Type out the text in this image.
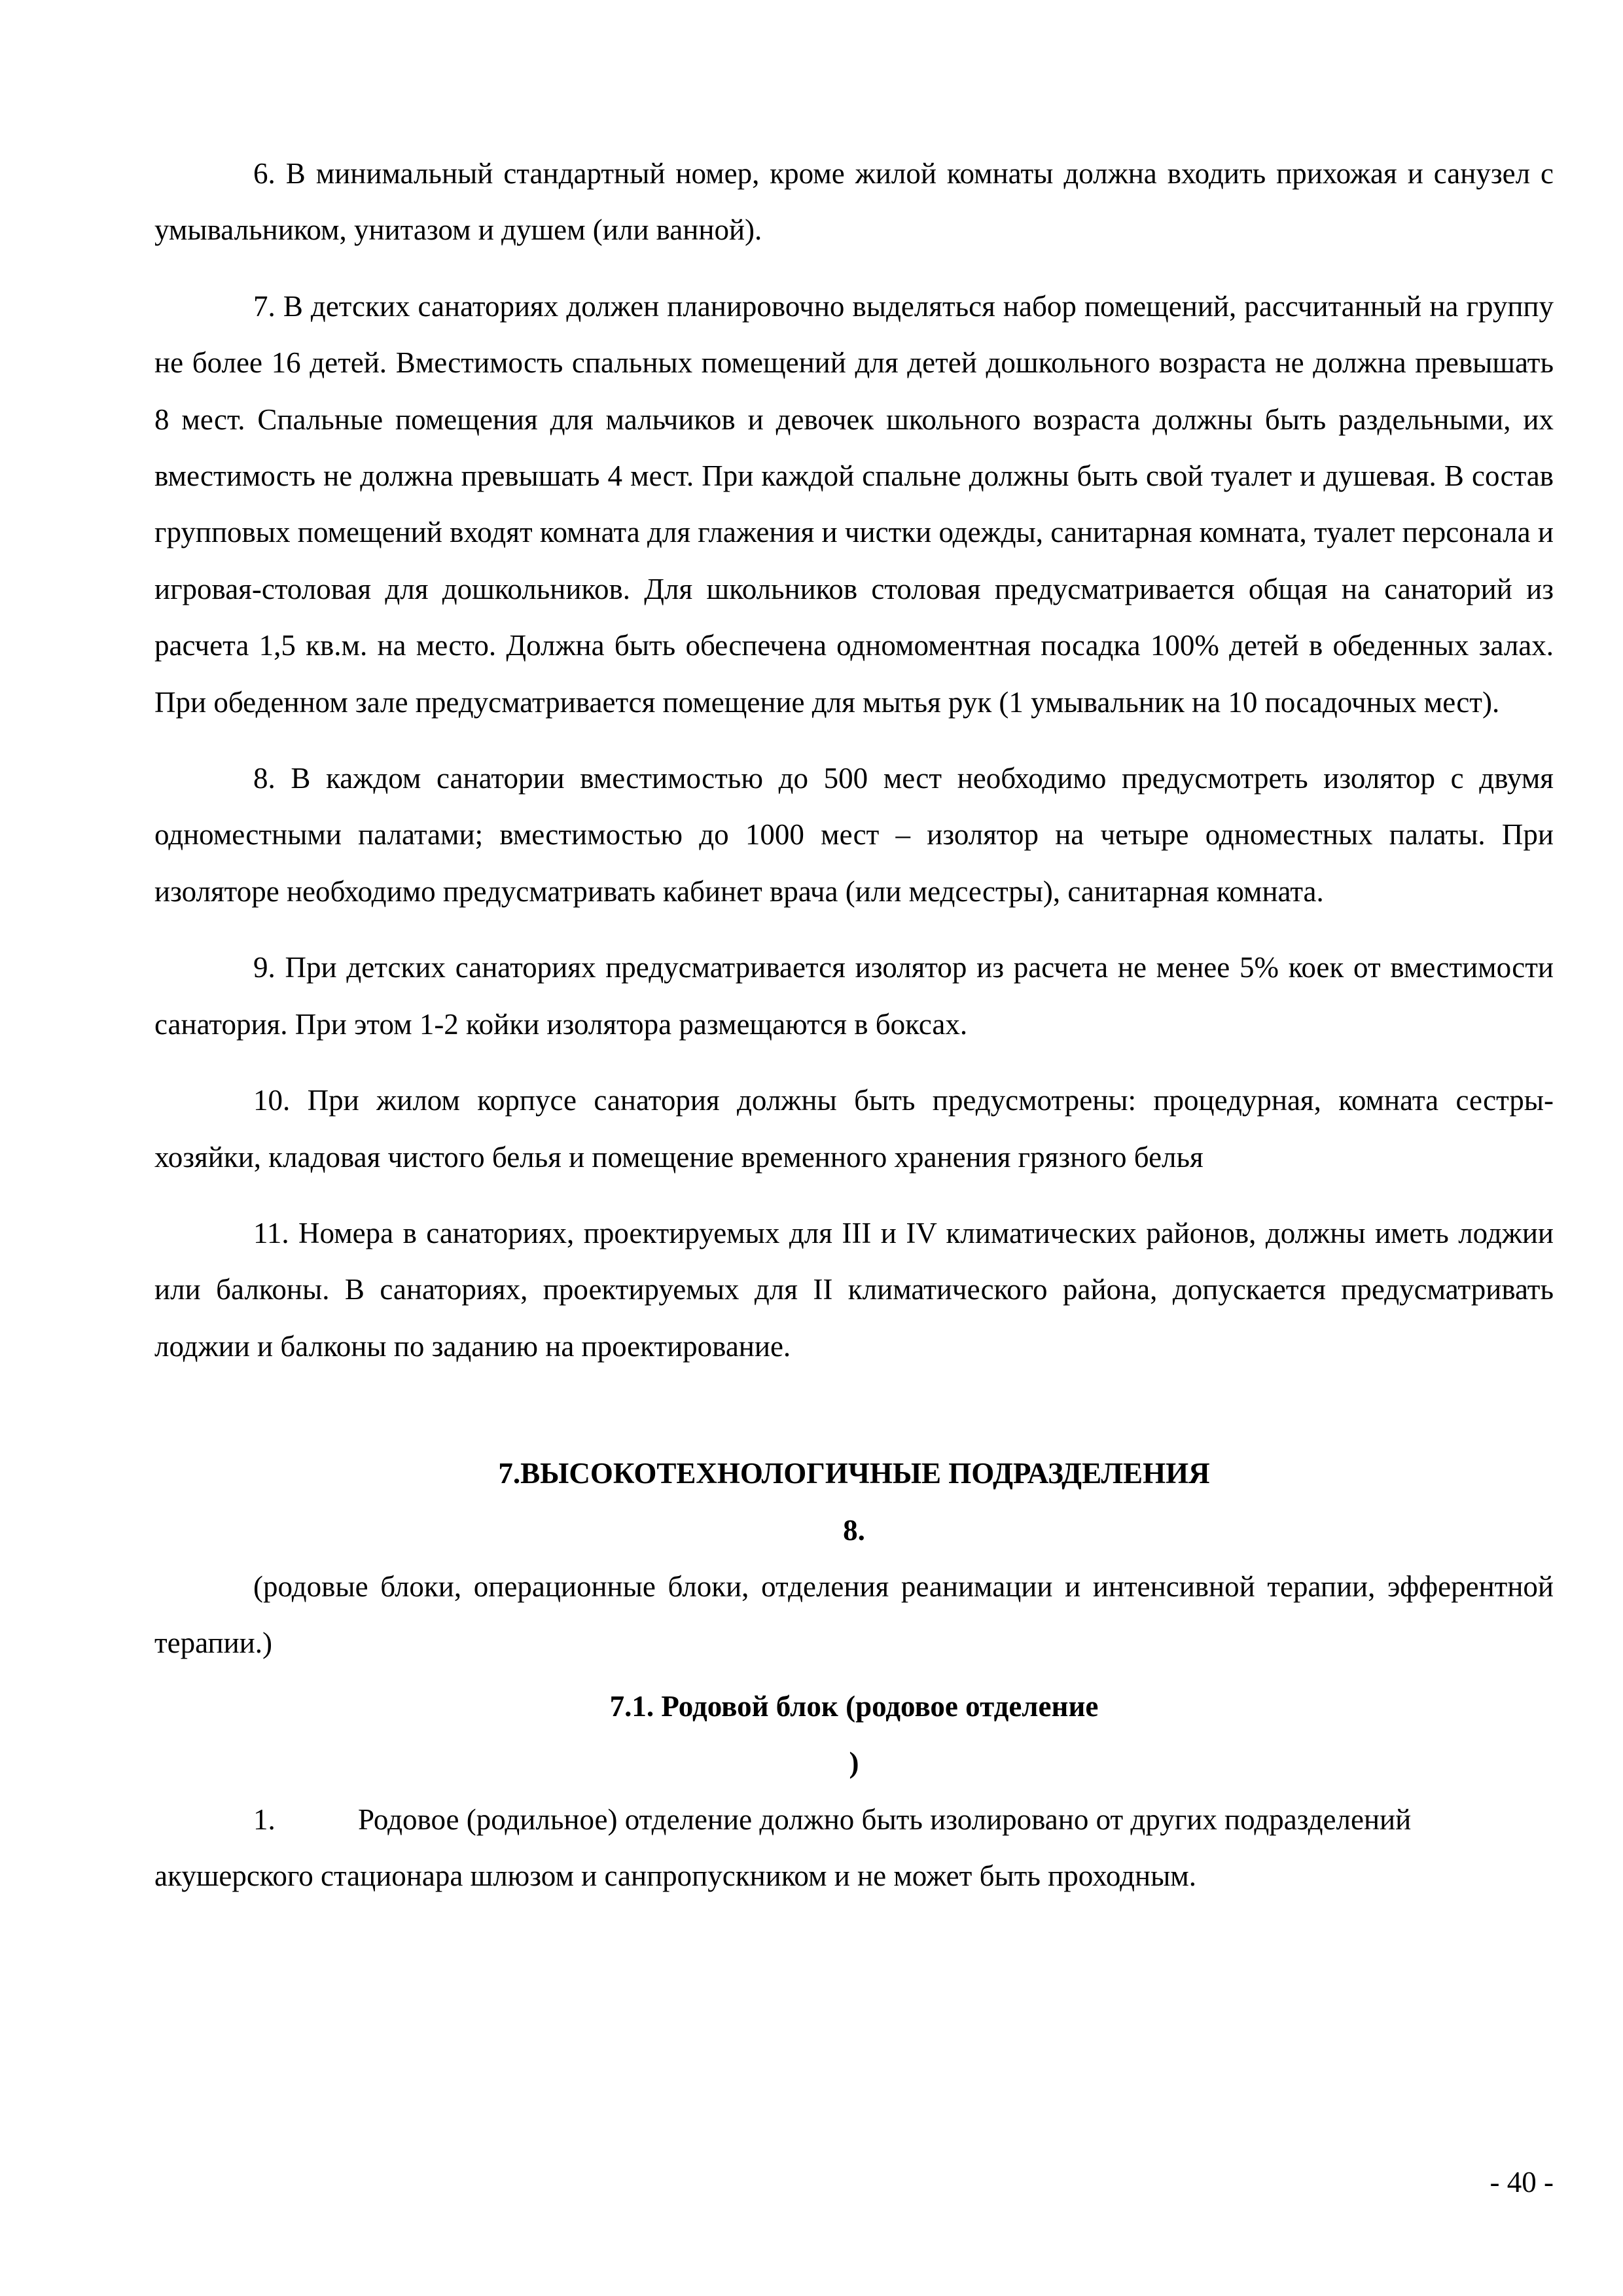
6. В минимальный стандартный номер, кроме жилой комнаты должна входить прихожая и санузел с умывальником, унитазом и душем (или ванной).

7. В детских санаториях должен планировочно выделяться набор помещений, рассчитанный на группу не более 16 детей. Вместимость спальных помещений для детей дошкольного возраста не должна превышать 8 мест. Спальные помещения для мальчиков и девочек школьного возраста должны быть раздельными, их вместимость не должна превышать 4 мест. При каждой спальне должны быть свой туалет и душевая. В состав групповых помещений входят комната для глажения и чистки одежды, санитарная комната, туалет персонала и игровая-столовая для дошкольников. Для школьников столовая предусматривается общая на санаторий из расчета 1,5 кв.м. на место. Должна быть обеспечена одномоментная посадка 100% детей в обеденных залах. При обеденном зале предусматривается помещение для мытья рук (1 умывальник на 10 посадочных мест).

8. В каждом санатории вместимостью до 500 мест необходимо предусмотреть изолятор с двумя одноместными палатами; вместимостью до 1000 мест – изолятор на четыре одноместных палаты. При изоляторе необходимо предусматривать кабинет врача (или медсестры), санитарная комната.

9. При детских санаториях предусматривается изолятор из расчета не менее 5% коек от вместимости санатория. При этом 1-2 койки изолятора размещаются в боксах.

10. При жилом корпусе санатория должны быть предусмотрены: процедурная, комната сестры-хозяйки, кладовая чистого белья и помещение временного хранения грязного белья

11. Номера в санаториях, проектируемых для III и IV климатических районов, должны иметь лоджии или балконы. В санаториях, проектируемых для II климатического района, допускается предусматривать лоджии и балконы по заданию на проектирование.

7.ВЫСОКОТЕХНОЛОГИЧНЫЕ ПОДРАЗДЕЛЕНИЯ

8.

(родовые блоки, операционные блоки, отделения реанимации и интенсивной терапии, эфферентной терапии.)

7.1. Родовой блок (родовое отделение

)

1.	Родовое (родильное) отделение должно быть изолировано от других подразделений

акушерского стационара шлюзом и санпропускником и не может быть проходным.

- 40 -
